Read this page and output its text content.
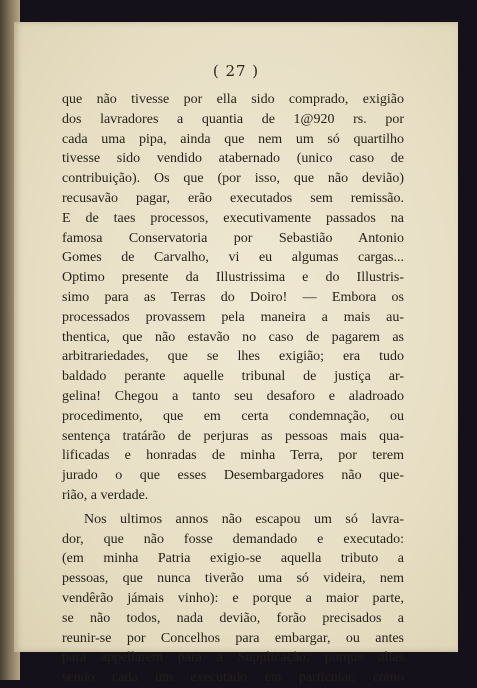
( 27 )
que não tivesse por ella sido comprado, exigião
dos lavradores a quantia de 1@920 rs. por
cada uma pipa, ainda que nem um só quartilho
tivesse sido vendido atabernado (unico caso de
contribuição). Os que (por isso, que não devião)
recusavão pagar, erão executados sem remissão.
E de taes processos, executivamente passados na
famosa Conservatoria por Sebastião Antonio
Gomes de Carvalho, vi eu algumas cargas...
Optimo presente da Illustrissima e do Illustris-
simo para as Terras do Doiro! — Embora os
processados provassem pela maneira a mais au-
thentica, que não estavão no caso de pagarem as
arbitrariedades, que se lhes exigião; era tudo
baldado perante aquelle tribunal de justiça ar-
gelina! Chegou a tanto seu desaforo e aladroado
procedimento, que em certa condemnação, ou
sentença tratárão de perjuras as pessoas mais qua-
lificadas e honradas de minha Terra, por terem
jurado o que esses Desembargadores não que-
rião, a verdade.
Nos ultimos annos não escapou um só lavra-
dor, que não fosse demandado e executado:
(em minha Patria exigio-se aquella tributo a
pessoas, que nunca tiverão uma só videira, nem
vendêrão jámais vinho): e porque a maior parte,
se não todos, nada devião, forão precisados a
reunir-se por Concelhos para embargar, ou antes
para appellarem para a Supplicação: porque alias
sendo cada um executado em particular, como
